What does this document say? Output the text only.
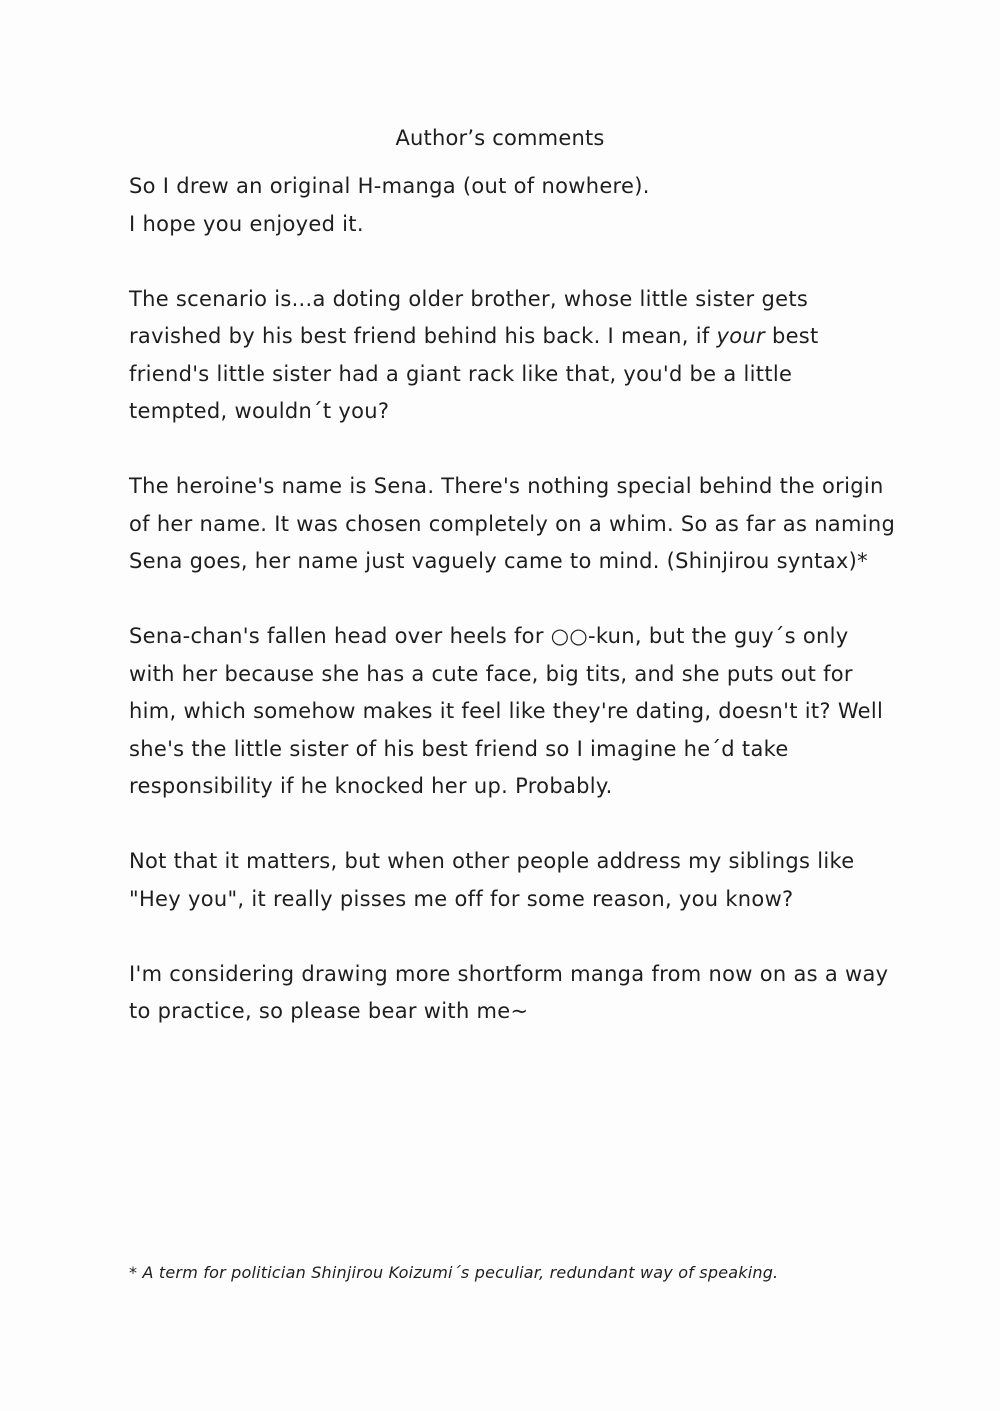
Author’s comments

So I drew an original H-manga (out of nowhere).
I hope you enjoyed it.

The scenario is...a doting older brother, whose little sister gets
ravished by his best friend behind his back. I mean, if your best
friend's little sister had a giant rack like that, you'd be a little
tempted, wouldn´t you?

The heroine's name is Sena. There's nothing special behind the origin
of her name. It was chosen completely on a whim. So as far as naming
Sena goes, her name just vaguely came to mind. (Shinjirou syntax)*

Sena-chan's fallen head over heels for ○○-kun, but the guy´s only
with her because she has a cute face, big tits, and she puts out for
him, which somehow makes it feel like they're dating, doesn't it? Well
she's the little sister of his best friend so I imagine he´d take
responsibility if he knocked her up. Probably.

Not that it matters, but when other people address my siblings like
"Hey you", it really pisses me off for some reason, you know?

I'm considering drawing more shortform manga from now on as a way
to practice, so please bear with me~

* A term for politician Shinjirou Koizumi´s peculiar, redundant way of speaking.
